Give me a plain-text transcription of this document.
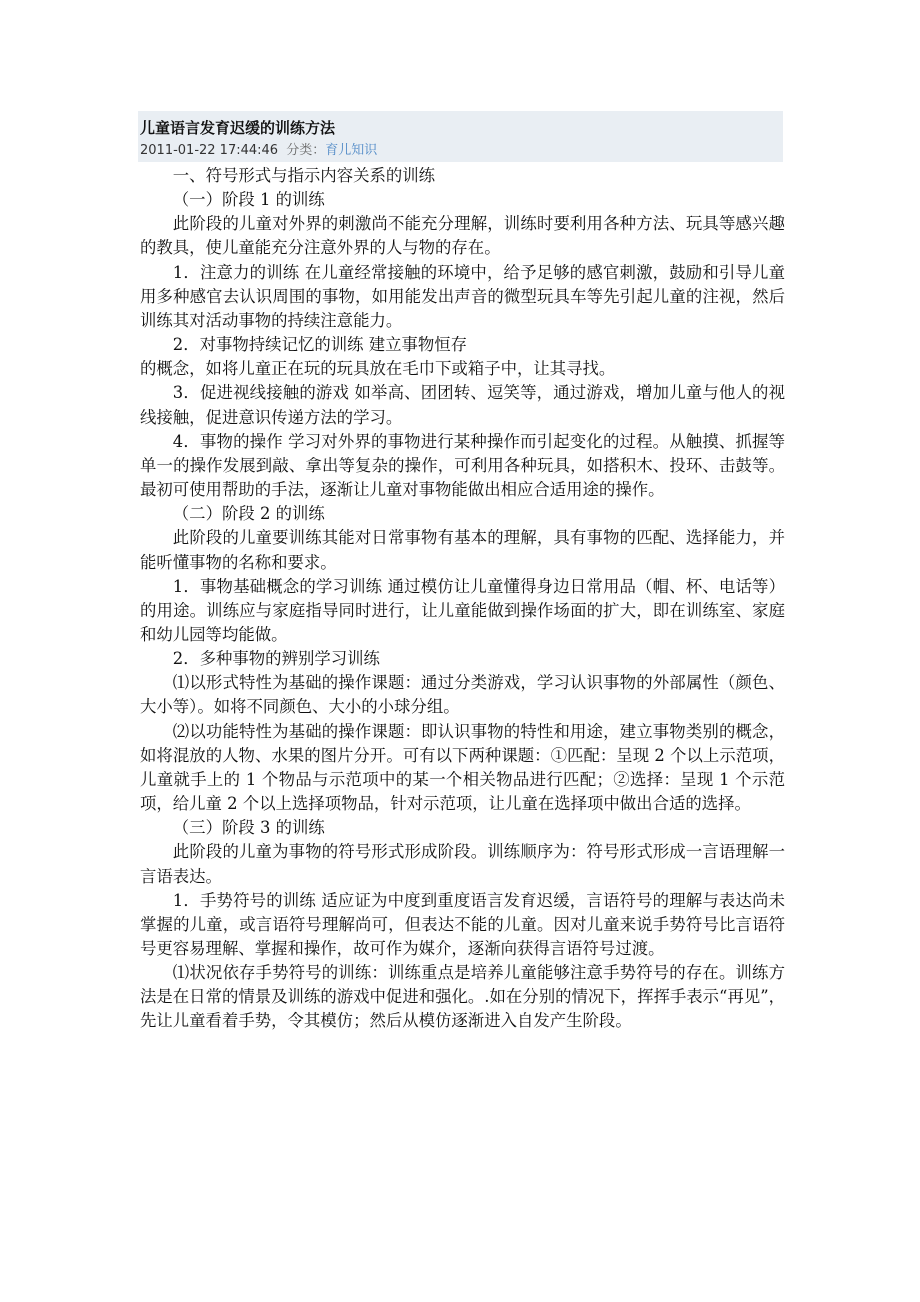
儿童语言发育迟缓的训练方法
2011-01-22 17:44:46 分类：育儿知识

一、符号形式与指示内容关系的训练

（一）阶段 1 的训练

此阶段的儿童对外界的刺激尚不能充分理解，训练时要利用各种方法、玩具等感兴趣的教具，使儿童能充分注意外界的人与物的存在。

1．注意力的训练 在儿童经常接触的环境中，给予足够的感官刺激，鼓励和引导儿童用多种感官去认识周围的事物，如用能发出声音的微型玩具车等先引起儿童的注视，然后训练其对活动事物的持续注意能力。

2．对事物持续记忆的训练 建立事物恒存

的概念，如将儿童正在玩的玩具放在毛巾下或箱子中，让其寻找。

3．促进视线接触的游戏 如举高、团团转、逗笑等，通过游戏，增加儿童与他人的视线接触，促进意识传递方法的学习。

4．事物的操作 学习对外界的事物进行某种操作而引起变化的过程。从触摸、抓握等单一的操作发展到敲、拿出等复杂的操作，可利用各种玩具，如搭积木、投环、击鼓等。最初可使用帮助的手法，逐渐让儿童对事物能做出相应合适用途的操作。

（二）阶段 2 的训练

此阶段的儿童要训练其能对日常事物有基本的理解，具有事物的匹配、选择能力，并能听懂事物的名称和要求。

1．事物基础概念的学习训练 通过模仿让儿童懂得身边日常用品（帽、杯、电话等）的用途。训练应与家庭指导同时进行，让儿童能做到操作场面的扩大，即在训练室、家庭和幼儿园等均能做。

2．多种事物的辨别学习训练

⑴以形式特性为基础的操作课题：通过分类游戏，学习认识事物的外部属性（颜色、大小等）。如将不同颜色、大小的小球分组。

⑵以功能特性为基础的操作课题：即认识事物的特性和用途，建立事物类别的概念，如将混放的人物、水果的图片分开。可有以下两种课题：①匹配：呈现 2 个以上示范项，儿童就手上的 1 个物品与示范项中的某一个相关物品进行匹配；②选择：呈现 1 个示范项，给儿童 2 个以上选择项物品，针对示范项，让儿童在选择项中做出合适的选择。

（三）阶段 3 的训练

此阶段的儿童为事物的符号形式形成阶段。训练顺序为：符号形式形成一言语理解一言语表达。

1．手势符号的训练 适应证为中度到重度语言发育迟缓，言语符号的理解与表达尚未掌握的儿童，或言语符号理解尚可，但表达不能的儿童。因对儿童来说手势符号比言语符号更容易理解、掌握和操作，故可作为媒介，逐渐向获得言语符号过渡。

⑴状况依存手势符号的训练：训练重点是培养儿童能够注意手势符号的存在。训练方法是在日常的情景及训练的游戏中促进和强化。.如在分别的情况下，挥挥手表示“再见”，先让儿童看着手势，令其模仿；然后从模仿逐渐进入自发产生阶段。
